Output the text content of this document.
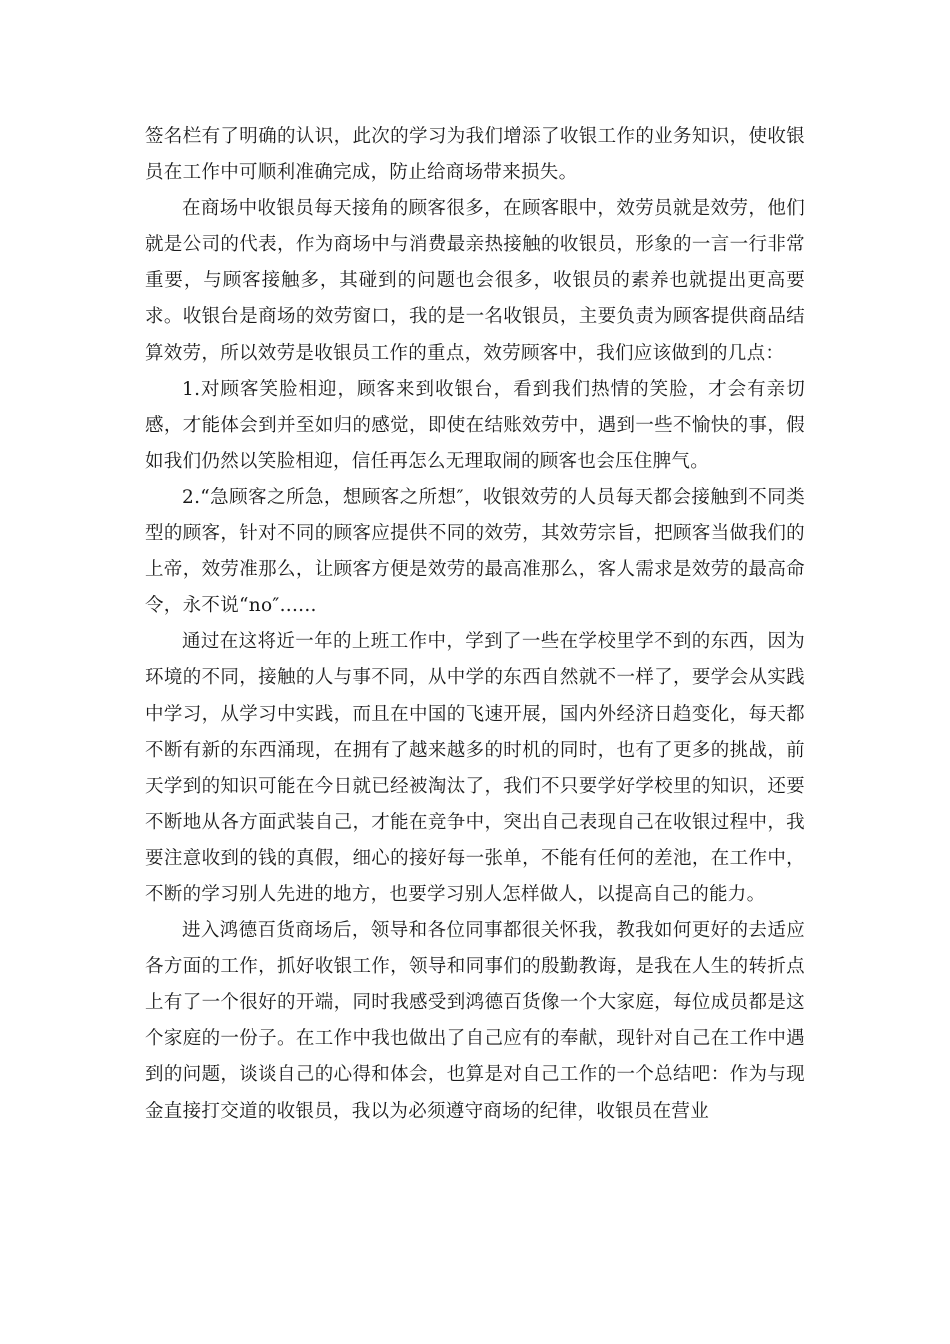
签名栏有了明确的认识，此次的学习为我们增添了收银工作的业务知识，使收银员在工作中可顺利准确完成，防止给商场带来损失。

在商场中收银员每天接角的顾客很多，在顾客眼中，效劳员就是效劳，他们就是公司的代表，作为商场中与消费最亲热接触的收银员，形象的一言一行非常重要，与顾客接触多，其碰到的问题也会很多，收银员的素养也就提出更高要求。收银台是商场的效劳窗口，我的是一名收银员，主要负责为顾客提供商品结算效劳，所以效劳是收银员工作的重点，效劳顾客中，我们应该做到的几点：

1.对顾客笑脸相迎，顾客来到收银台，看到我们热情的笑脸，才会有亲切感，才能体会到并至如归的感觉，即使在结账效劳中，遇到一些不愉快的事，假如我们仍然以笑脸相迎，信任再怎么无理取闹的顾客也会压住脾气。

2.“急顾客之所急，想顾客之所想″，收银效劳的人员每天都会接触到不同类型的顾客，针对不同的顾客应提供不同的效劳，其效劳宗旨，把顾客当做我们的上帝，效劳准那么，让顾客方便是效劳的最高准那么，客人需求是效劳的最高命令，永不说“no″......

通过在这将近一年的上班工作中，学到了一些在学校里学不到的东西，因为环境的不同，接触的人与事不同，从中学的东西自然就不一样了，要学会从实践中学习，从学习中实践，而且在中国的飞速开展，国内外经济日趋变化，每天都不断有新的东西涌现，在拥有了越来越多的时机的同时，也有了更多的挑战，前天学到的知识可能在今日就已经被淘汰了，我们不只要学好学校里的知识，还要不断地从各方面武装自己，才能在竞争中，突出自己表现自己在收银过程中，我要注意收到的钱的真假，细心的接好每一张单，不能有任何的差池，在工作中，不断的学习别人先进的地方，也要学习别人怎样做人，以提高自己的能力。

进入鸿德百货商场后，领导和各位同事都很关怀我，教我如何更好的去适应各方面的工作，抓好收银工作，领导和同事们的殷勤教诲，是我在人生的转折点上有了一个很好的开端，同时我感受到鸿德百货像一个大家庭，每位成员都是这个家庭的一份子。在工作中我也做出了自己应有的奉献，现针对自己在工作中遇到的问题，谈谈自己的心得和体会，也算是对自己工作的一个总结吧：作为与现金直接打交道的收银员，我以为必须遵守商场的纪律，收银员在营业
